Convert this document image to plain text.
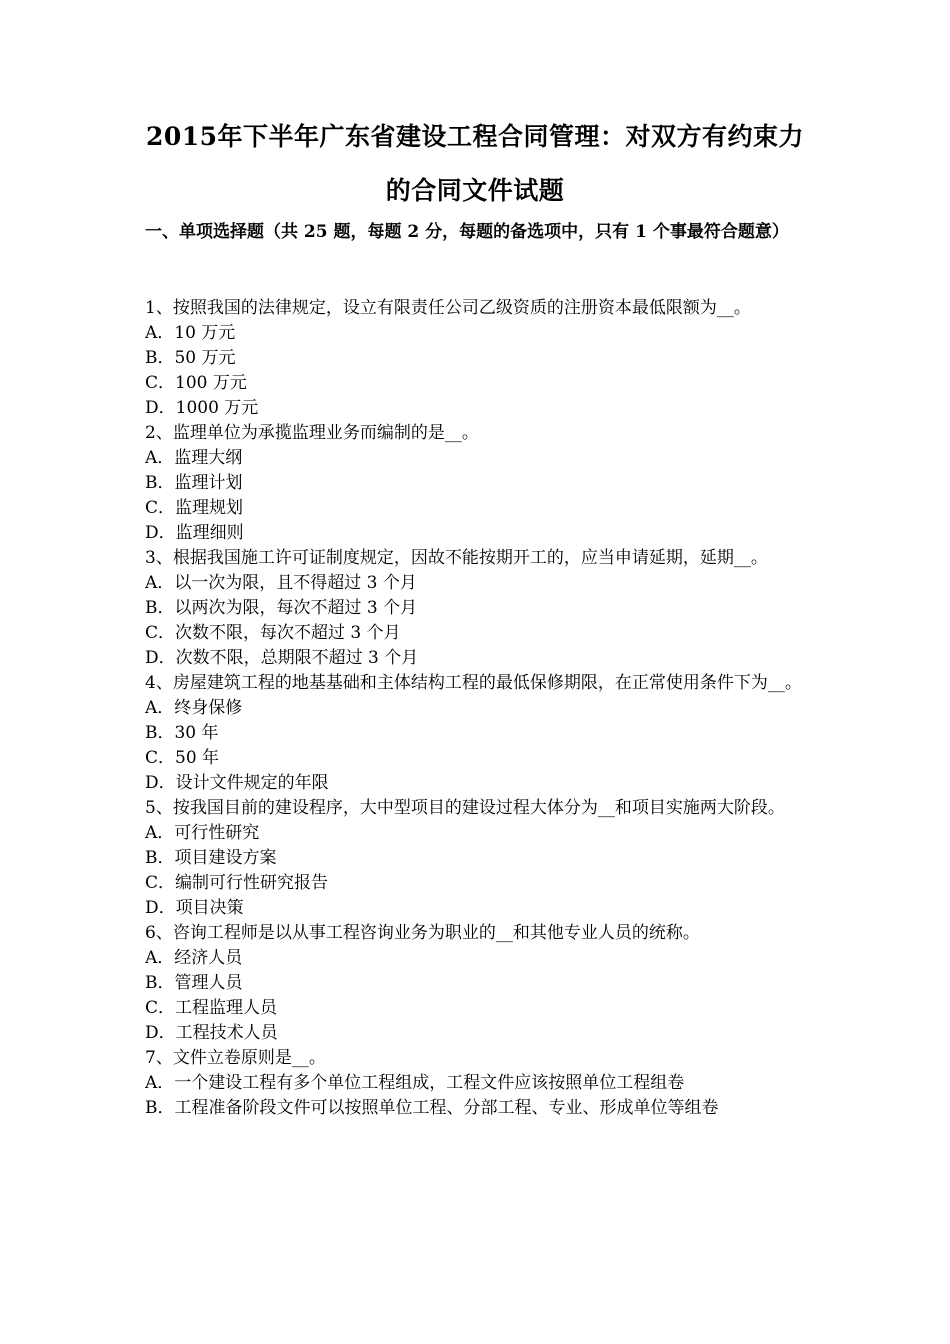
2015年下半年广东省建设工程合同管理：对双方有约束力
的合同文件试题
一、单项选择题（共 25 题，每题 2 分，每题的备选项中，只有 1 个事最符合题意）
1、按照我国的法律规定，设立有限责任公司乙级资质的注册资本最低限额为__。
A．10 万元
B．50 万元
C．100 万元
D．1000 万元
2、监理单位为承揽监理业务而编制的是__。
A．监理大纲
B．监理计划
C．监理规划
D．监理细则
3、根据我国施工许可证制度规定，因故不能按期开工的，应当申请延期，延期__。
A．以一次为限，且不得超过 3 个月
B．以两次为限，每次不超过 3 个月
C．次数不限，每次不超过 3 个月
D．次数不限，总期限不超过 3 个月
4、房屋建筑工程的地基基础和主体结构工程的最低保修期限，在正常使用条件下为__。
A．终身保修
B．30 年
C．50 年
D．设计文件规定的年限
5、按我国目前的建设程序，大中型项目的建设过程大体分为__和项目实施两大阶段。
A．可行性研究
B．项目建设方案
C．编制可行性研究报告
D．项目决策
6、咨询工程师是以从事工程咨询业务为职业的__和其他专业人员的统称。
A．经济人员
B．管理人员
C．工程监理人员
D．工程技术人员
7、文件立卷原则是__。
A．一个建设工程有多个单位工程组成，工程文件应该按照单位工程组卷
B．工程准备阶段文件可以按照单位工程、分部工程、专业、形成单位等组卷
